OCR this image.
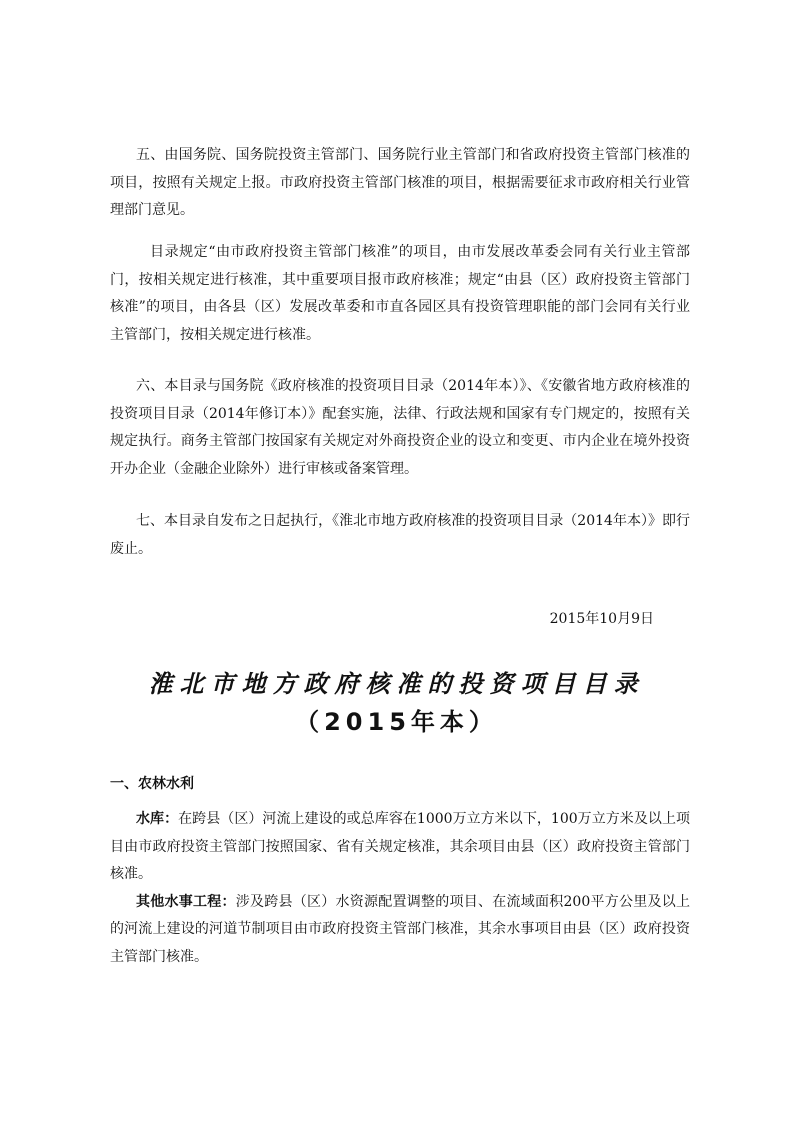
五、由国务院、国务院投资主管部门、国务院行业主管部门和省政府投资主管部门核准的项目，按照有关规定上报。市政府投资主管部门核准的项目，根据需要征求市政府相关行业管理部门意见。

目录规定“由市政府投资主管部门核准”的项目，由市发展改革委会同有关行业主管部门，按相关规定进行核准，其中重要项目报市政府核准；规定“由县（区）政府投资主管部门核准”的项目，由各县（区）发展改革委和市直各园区具有投资管理职能的部门会同有关行业主管部门，按相关规定进行核准。

六、本目录与国务院《政府核准的投资项目目录（2014年本）》、《安徽省地方政府核准的投资项目目录（2014年修订本）》配套实施，法律、行政法规和国家有专门规定的，按照有关规定执行。商务主管部门按国家有关规定对外商投资企业的设立和变更、市内企业在境外投资开办企业（金融企业除外）进行审核或备案管理。

七、本目录自发布之日起执行，《淮北市地方政府核准的投资项目目录（2014年本）》即行废止。

2015年10月9日
淮北市地方政府核准的投资项目目录
（2015年本）
一、农林水利

水库：在跨县（区）河流上建设的或总库容在1000万立方米以下，100万立方米及以上项目由市政府投资主管部门按照国家、省有关规定核准，其余项目由县（区）政府投资主管部门核准。

其他水事工程：涉及跨县（区）水资源配置调整的项目、在流域面积200平方公里及以上的河流上建设的河道节制项目由市政府投资主管部门核准，其余水事项目由县（区）政府投资主管部门核准。
